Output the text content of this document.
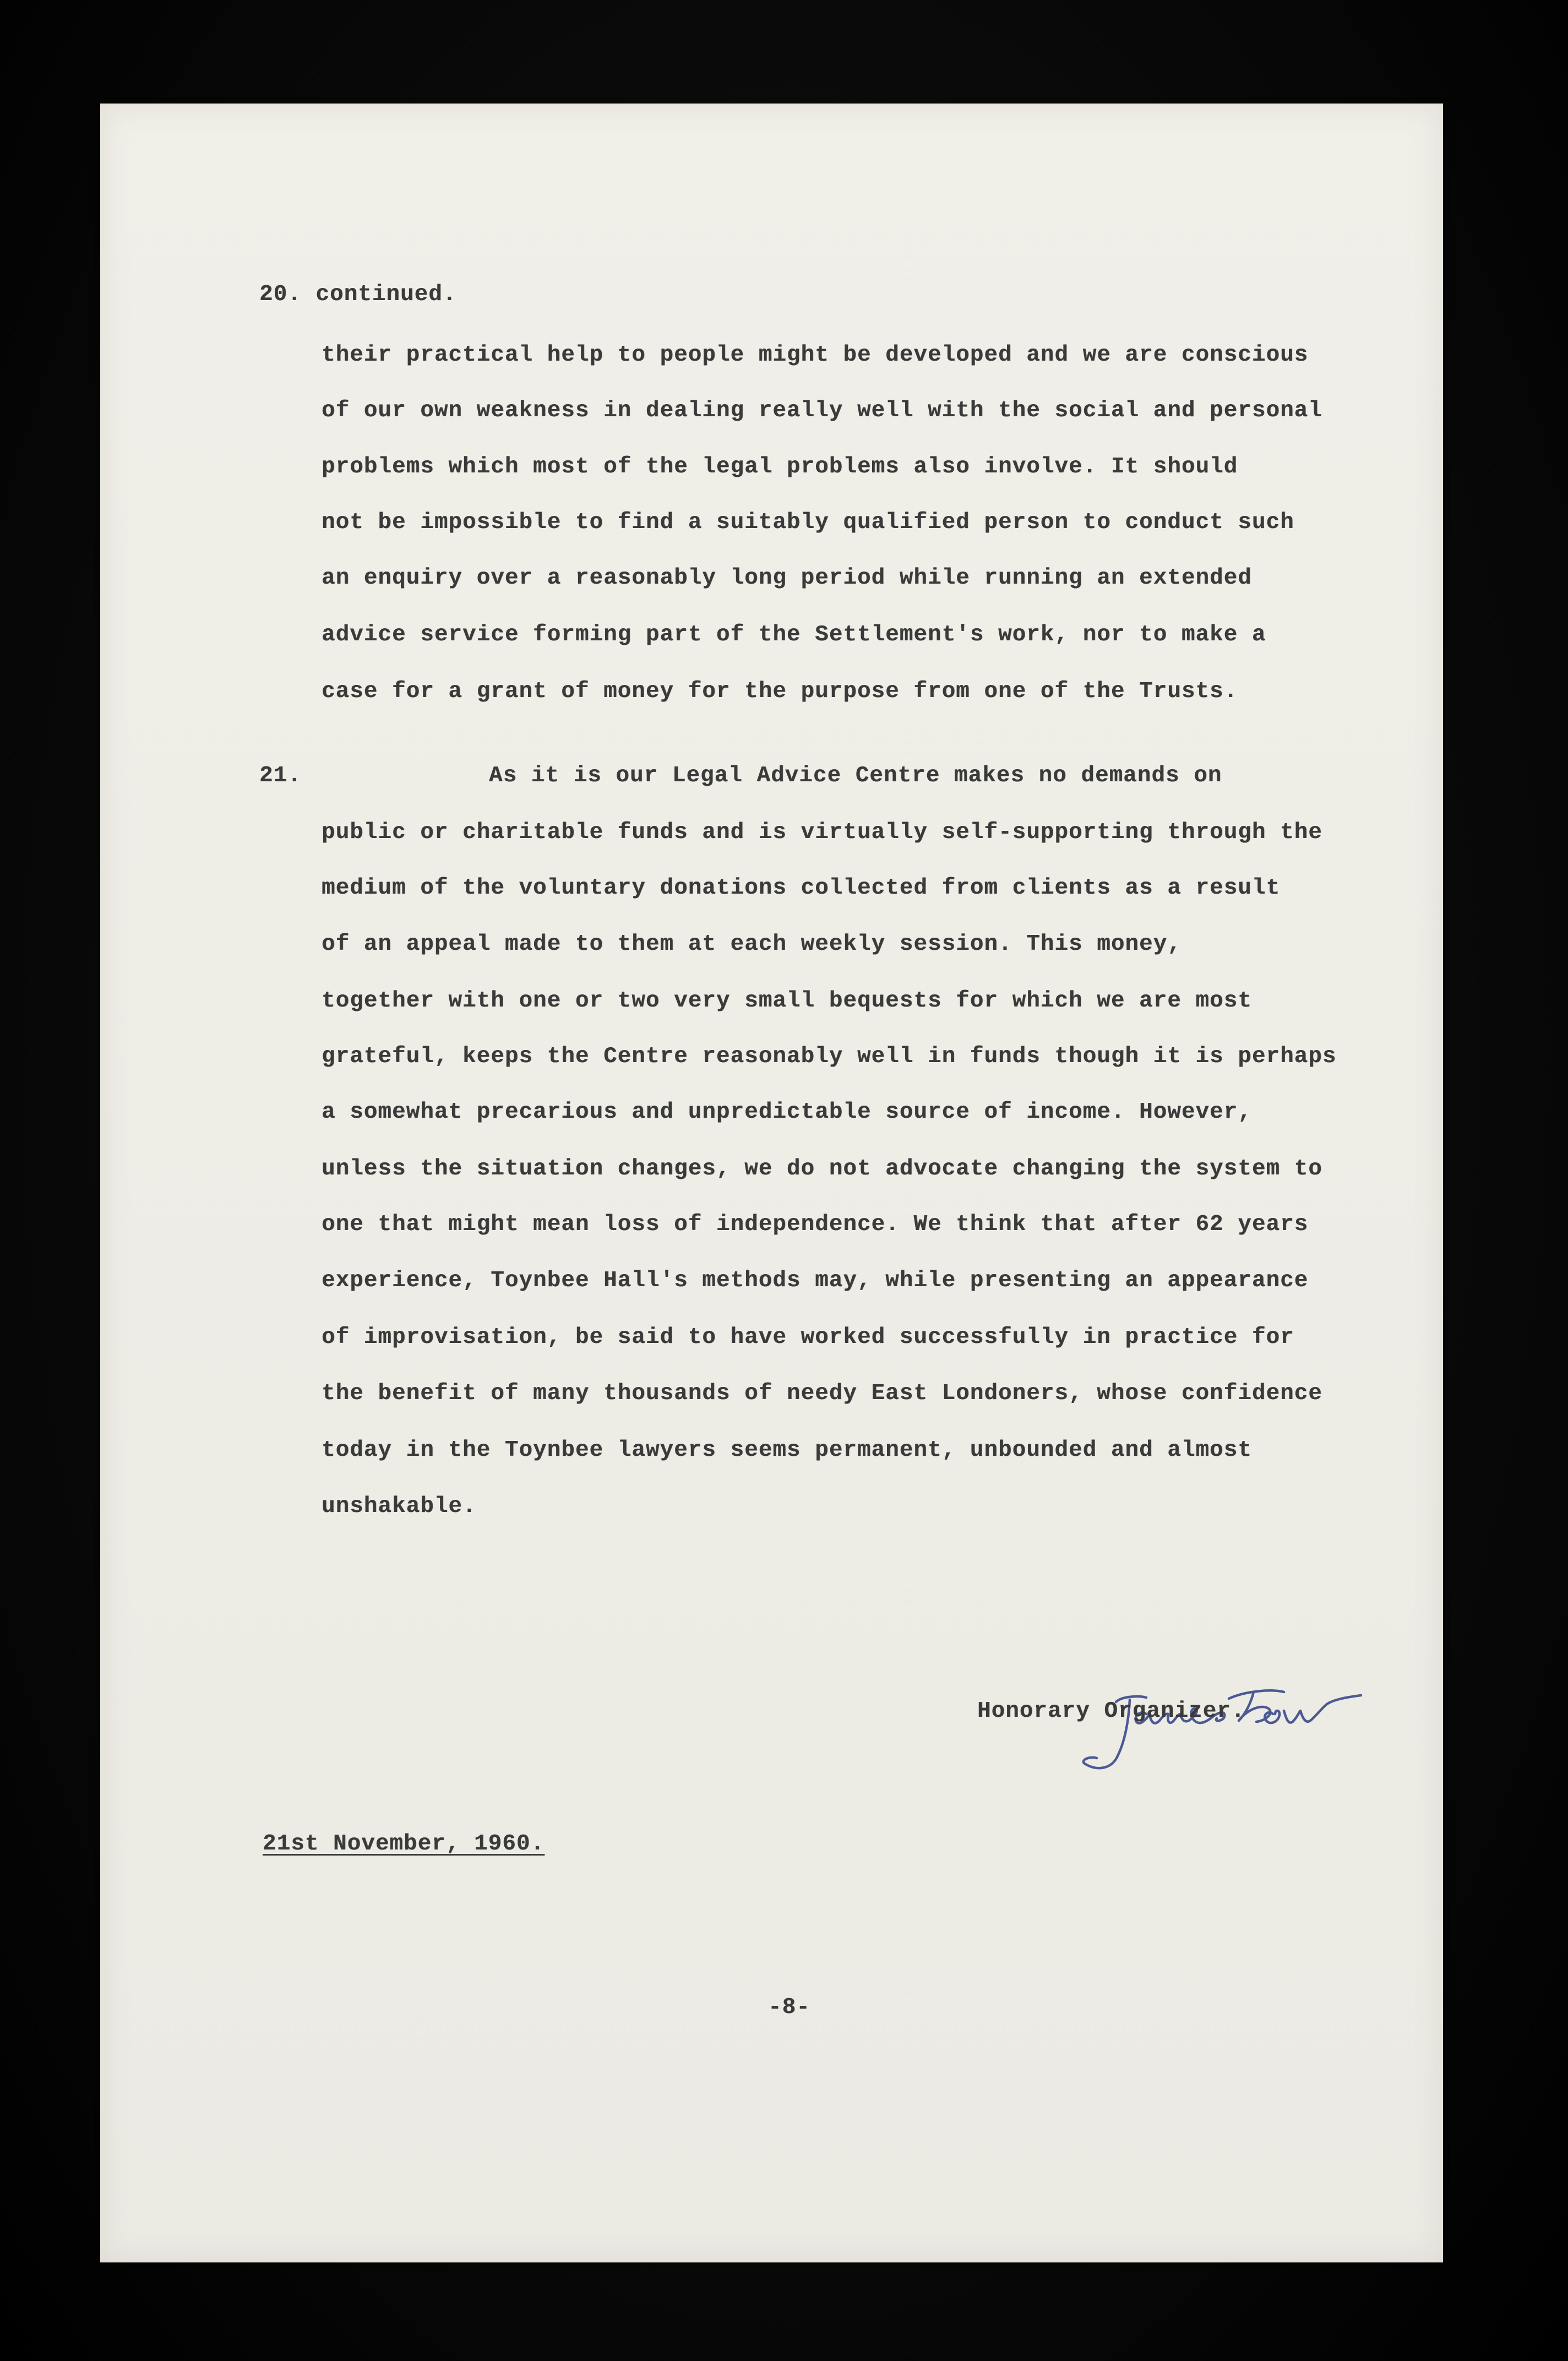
20. continued.
their practical help to people might be developed and we are conscious
of our own weakness in dealing really well with the social and personal
problems which most of the legal problems also involve. It should
not be impossible to find a suitably qualified person to conduct such
an enquiry over a reasonably long period while running an extended
advice service forming part of the Settlement's work, nor to make a
case for a grant of money for the purpose from one of the Trusts.
21.	As it is our Legal Advice Centre makes no demands on
public or charitable funds and is virtually self-supporting through the
medium of the voluntary donations collected from clients as a result
of an appeal made to them at each weekly session. This money,
together with one or two very small bequests for which we are most
grateful, keeps the Centre reasonably well in funds though it is perhaps
a somewhat precarious and unpredictable source of income. However,
unless the situation changes, we do not advocate changing the system to
one that might mean loss of independence. We think that after 62 years
experience, Toynbee Hall's methods may, while presenting an appearance
of improvisation, be said to have worked successfully in practice for
the benefit of many thousands of needy East Londoners, whose confidence
today in the Toynbee lawyers seems permanent, unbounded and almost
unshakable.
James Bow
Honorary Organizer.
21st November, 1960.
-8-
